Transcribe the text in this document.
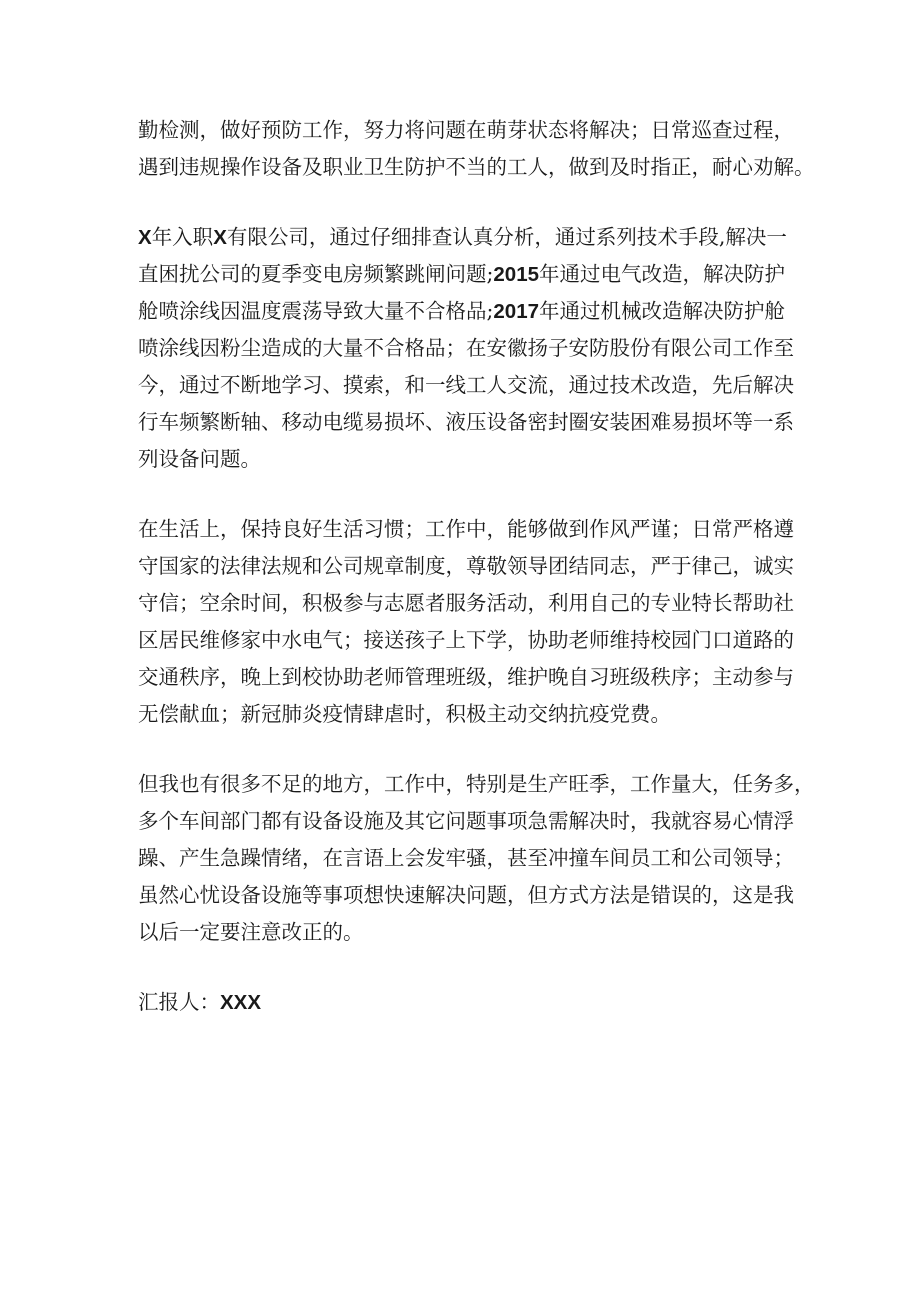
勤检测，做好预防工作，努力将问题在萌芽状态将解决；日常巡查过程，
遇到违规操作设备及职业卫生防护不当的工人，做到及时指正，耐心劝解。

X年入职X有限公司，通过仔细排查认真分析，通过系列技术手段,解决一
直困扰公司的夏季变电房频繁跳闸问题;2015年通过电气改造，解决防护
舱喷涂线因温度震荡导致大量不合格品;2017年通过机械改造解决防护舱
喷涂线因粉尘造成的大量不合格品；在安徽扬子安防股份有限公司工作至
今，通过不断地学习、摸索，和一线工人交流，通过技术改造，先后解决
行车频繁断轴、移动电缆易损坏、液压设备密封圈安装困难易损坏等一系
列设备问题。

在生活上，保持良好生活习惯；工作中，能够做到作风严谨；日常严格遵
守国家的法律法规和公司规章制度，尊敬领导团结同志，严于律己，诚实
守信；空余时间，积极参与志愿者服务活动，利用自己的专业特长帮助社
区居民维修家中水电气；接送孩子上下学，协助老师维持校园门口道路的
交通秩序，晚上到校协助老师管理班级，维护晚自习班级秩序；主动参与
无偿献血；新冠肺炎疫情肆虐时，积极主动交纳抗疫党费。

但我也有很多不足的地方，工作中，特别是生产旺季，工作量大，任务多，
多个车间部门都有设备设施及其它问题事项急需解决时，我就容易心情浮
躁、产生急躁情绪，在言语上会发牢骚，甚至冲撞车间员工和公司领导；
虽然心忧设备设施等事项想快速解决问题，但方式方法是错误的，这是我
以后一定要注意改正的。

汇报人：XXX
